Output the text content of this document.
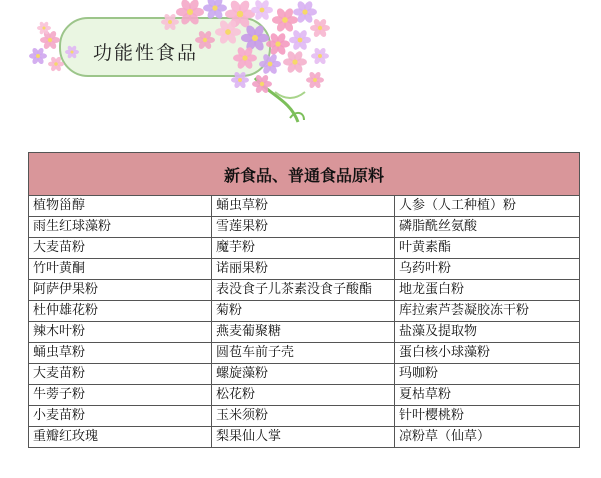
功能性食品
新食品、普通食品原料		
植物甾醇	蛹虫草粉	人参（人工种植）粉
雨生红球藻粉	雪莲果粉	磷脂酰丝氨酸
大麦苗粉	魔芋粉	叶黄素酯
竹叶黄酮	诺丽果粉	乌药叶粉
阿萨伊果粉	表没食子儿茶素没食子酸酯	地龙蛋白粉
杜仲雄花粉	菊粉	库拉索芦荟凝胶冻干粉
辣木叶粉	燕麦葡聚糖	盐藻及提取物
蛹虫草粉	圆苞车前子壳	蛋白核小球藻粉
大麦苗粉	螺旋藻粉	玛咖粉
牛蒡子粉	松花粉	夏枯草粉
小麦苗粉	玉米须粉	针叶樱桃粉
重瓣红玫瑰	梨果仙人掌	凉粉草（仙草）
